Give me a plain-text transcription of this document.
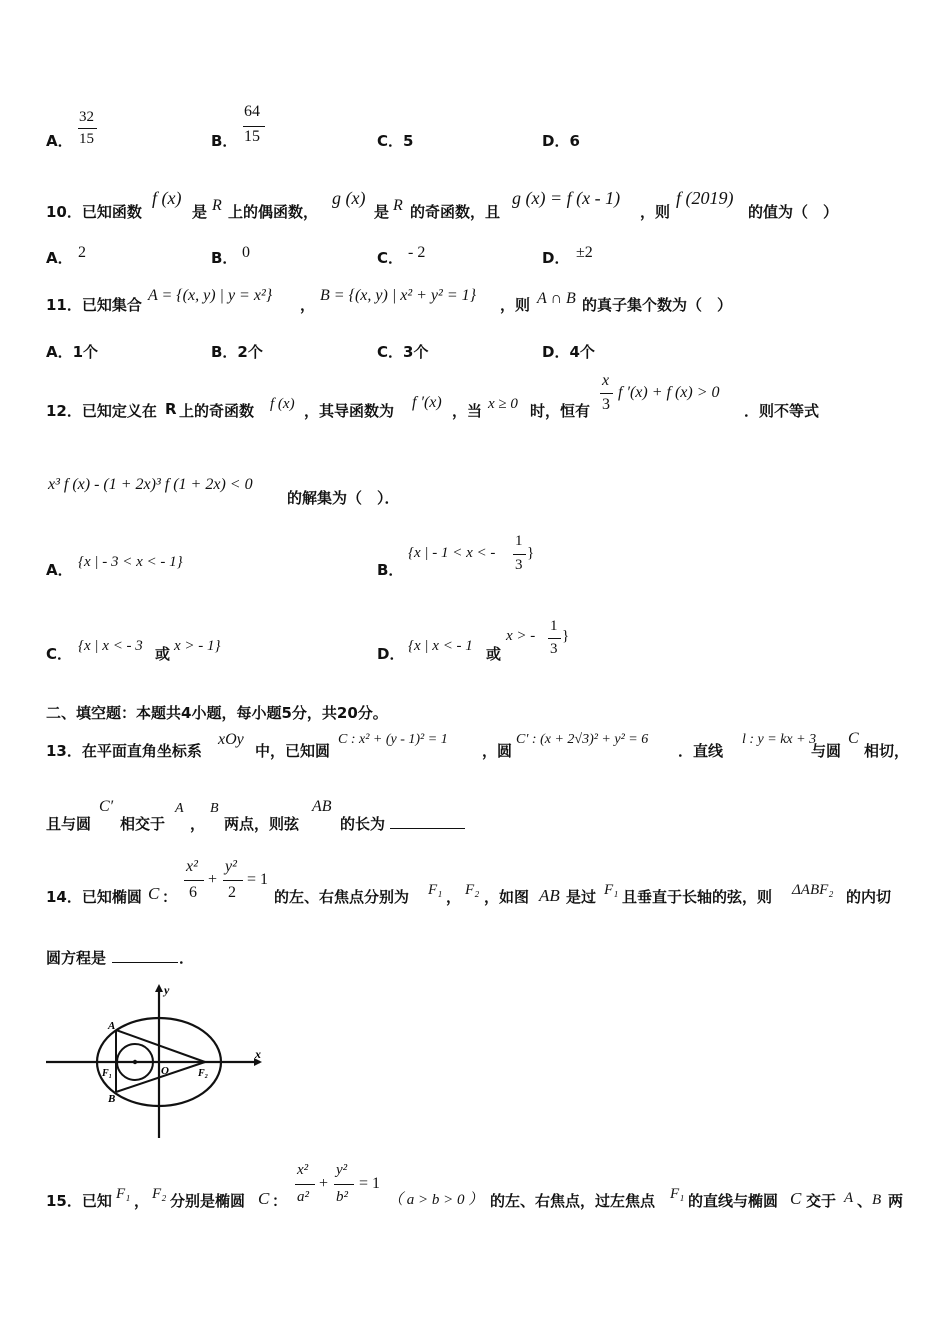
A．
32
15	B．
64
15	C．5	D．6
10．已知函数
f (x)
是 R 上的偶函数，
g (x)
是 R 的奇函数，且
g (x) = f (x - 1)
，则
f (2019)
的值为（　）
A． 2	B． 0	C． - 2	D． ±2
11．已知集合
A = {(x, y) | y = x²}
，
B = {(x, y) | x² + y² = 1}
，则 A ∩ B 的真子集个数为（　）
A．1个	B．2个	C．3个	D．4个
12．已知定义在 R 上的奇函数 f (x) ，其导函数为 f ′(x) ，当 x ≥ 0 时，恒有
x
3
f ′(x) + f (x) > 0
．则不等式
x³ f (x) - (1 + 2x)³ f (1 + 2x) < 0
的解集为（　）．
A． {x | - 3 < x < - 1}	B．
{x | - 1 < x < -
1
3
}
C． {x | x < - 3 或 x > - 1}	D． {x | x < - 1 或
x > -
1
3
}
二、填空题：本题共4小题，每小题5分，共20分。
13．在平面直角坐标系
xOy
中，已知圆
C : x² + (y - 1)² = 1
，圆
C′ : (x + 2√3)² + y² = 6
．直线
l : y = kx + 3
与圆
C
相切，
且与圆
C′
相交于
A
，
B
两点，则弦
AB
的长为
14．已知椭圆 C ：
x²
6
+
y²
2
= 1
的左、右焦点分别为 F₁ ， F₂ ，如图 AB 是过 F₁ 且垂直于长轴的弦，则 ΔABF₂ 的内切
圆方程是	．
y
x
A
B
F₁	O	F₂
15．已知 F₁ ， F₂ 分别是椭圆 C ：
x²
a²
+
y²
b²
= 1
（ a > b > 0 ） 的左、右焦点，过左焦点 F₁ 的直线与椭圆 C 交于 A 、 B 两
